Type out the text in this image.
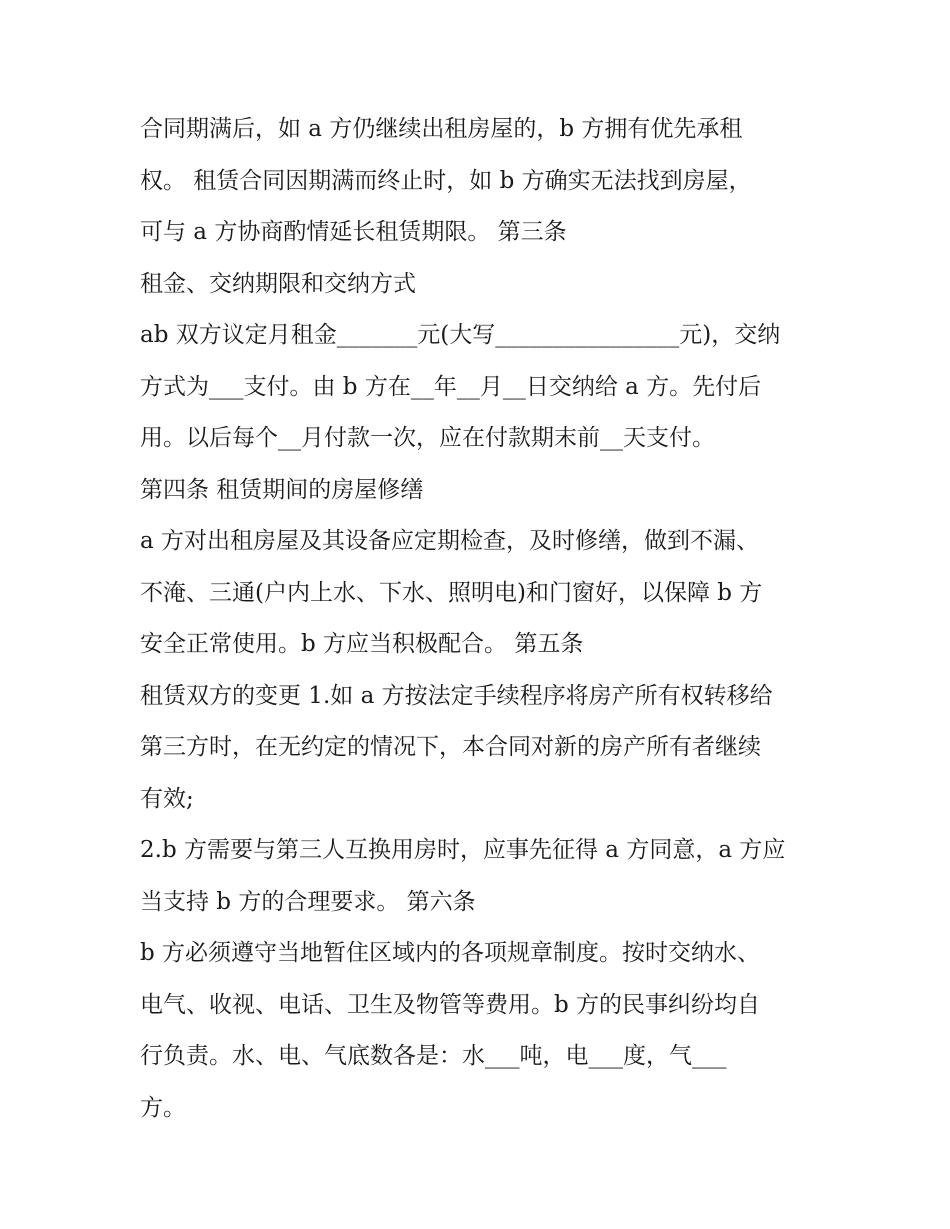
合同期满后，如 a 方仍继续出租房屋的，b 方拥有优先承租
权。 租赁合同因期满而终止时，如 b 方确实无法找到房屋，
可与 a 方协商酌情延长租赁期限。 第三条
租金、交纳期限和交纳方式
ab 双方议定月租金_______元(大写________________元)，交纳
方式为___支付。由 b 方在__年__月__日交纳给 a 方。先付后
用。以后每个__月付款一次，应在付款期末前__天支付。
第四条 租赁期间的房屋修缮
a 方对出租房屋及其设备应定期检查，及时修缮，做到不漏、
不淹、三通(户内上水、下水、照明电)和门窗好，以保障 b 方
安全正常使用。b 方应当积极配合。 第五条
租赁双方的变更 1.如 a 方按法定手续程序将房产所有权转移给
第三方时，在无约定的情况下，本合同对新的房产所有者继续
有效;
2.b 方需要与第三人互换用房时，应事先征得 a 方同意，a 方应
当支持 b 方的合理要求。 第六条
b 方必须遵守当地暂住区域内的各项规章制度。按时交纳水、
电气、收视、电话、卫生及物管等费用。b 方的民事纠纷均自
行负责。水、电、气底数各是：水___吨，电___度，气___
方。
